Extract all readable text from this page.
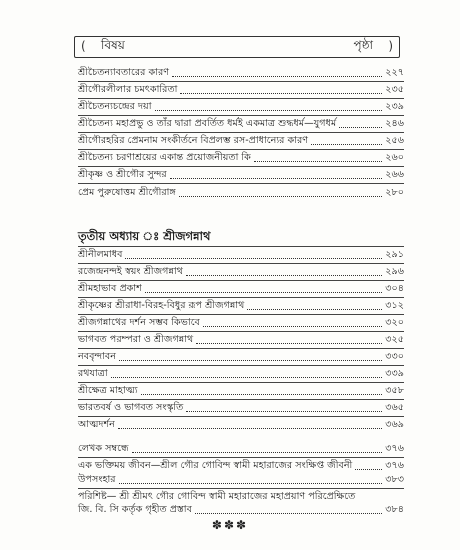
( বিষয়	পৃষ্ঠা )
শ্রীচৈতন্যাবতারের কারণ	২২৭
শ্রীগৌরলীলার চমৎকারিতা	২৩৫
শ্রীচৈতন্যচন্দ্রের দয়া	২৩৯
শ্রীচৈতন্য মহাপ্রভু ও তাঁর দ্বারা প্রবর্তিত ধর্মই একমাত্র শুদ্ধধর্ম—যুগধর্ম	২৪৬
শ্রীগৌরহরির প্রেমনাম সংকীর্তনে বিপ্রলম্ভ রস-প্রাধান্যের কারণ	২৫৬
শ্রীচৈতন্য চরণাশ্রয়ের একান্ত প্রয়োজনীয়তা কি	২৬০
শ্রীকৃষ্ণ ও শ্রীগৌর সুন্দর	২৬৬
প্রেম পুরুষোত্তম শ্রীগৌরাঙ্গ	২৮০
তৃতীয় অধ্যায় ঃ শ্রীজগন্নাথ
শ্রীনীলমাধব	২৯১
রজেন্দ্রনন্দই স্বয়ং শ্রীজগন্নাথ	২৯৬
শ্রীমহাভাব প্রকাশ	৩০৪
শ্রীকৃষ্ণের শ্রীরাধা-বিরহ-বিধুর রূপ শ্রীজগন্নাথ	৩১২
শ্রীজগন্নাথের দর্শন সম্ভব কিভাবে	৩২০
ভাগবত পরম্পরা ও শ্রীজগন্নাথ	৩২৫
নববৃন্দাবন	৩৩০
রথযাত্রা	৩৩৯
শ্রীক্ষেত্র মাহাত্ম্য	৩৫৮
ভারতবর্ষ ও ভাগবত সংস্কৃতি	৩৬৫
আত্মদর্শন	৩৬৯
লেখক সম্বন্ধে	৩৭৬
এক ভক্তিময় জীবন—শ্রীল গৌর গোবিন্দ স্বামী মহারাজের সংক্ষিপ্ত জীবনী	৩৭৬
উপসংহার	৩৮৩
পরিশিষ্ট— শ্রী শ্রীমৎ গৌর গোবিন্দ স্বামী মহারাজের মহাপ্রয়াণ পরিপ্রেক্ষিতে
জি. বি. সি কর্তৃক গৃহীত প্রস্তাব	৩৮৪
✽✽✽
